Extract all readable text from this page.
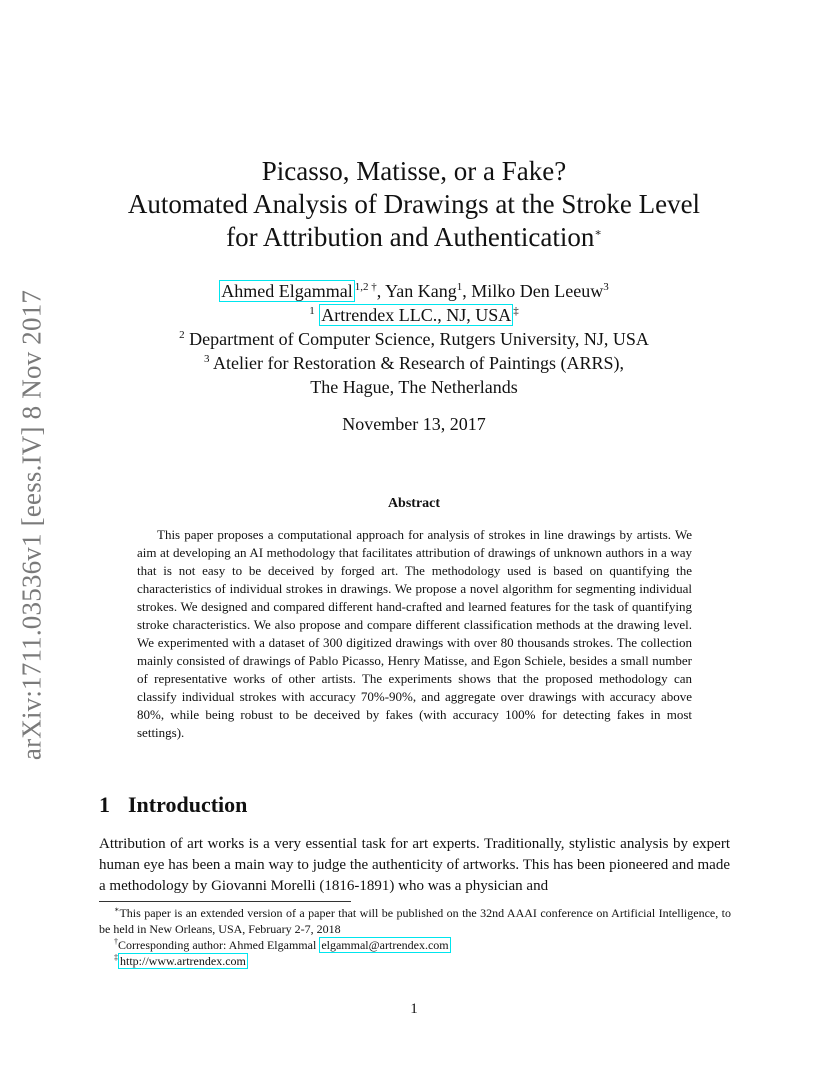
arXiv:1711.03536v1 [eess.IV] 8 Nov 2017
Picasso, Matisse, or a Fake?
Automated Analysis of Drawings at the Stroke Level
for Attribution and Authentication∗
Ahmed Elgammal $^{1,2 \dagger}$, Yan Kang$^1$, Milko Den Leeuw$^3$
$^1$ Artrendex LLC., NJ, USA ‡
$^2$ Department of Computer Science, Rutgers University, NJ, USA
$^3$ Atelier for Restoration & Research of Paintings (ARRS),
The Hague, The Netherlands
November 13, 2017
Abstract

This paper proposes a computational approach for analysis of strokes in line drawings by artists. We aim at developing an AI methodology that facilitates attribution of drawings of unknown authors in a way that is not easy to be deceived by forged art. The methodology used is based on quantifying the characteristics of individual strokes in drawings. We propose a novel algorithm for segmenting individual strokes. We designed and compared different hand-crafted and learned features for the task of quantifying stroke characteristics. We also propose and compare different classification methods at the drawing level. We experimented with a dataset of 300 digitized drawings with over 80 thousands strokes. The collection mainly consisted of drawings of Pablo Picasso, Henry Matisse, and Egon Schiele, besides a small number of representative works of other artists. The experiments shows that the proposed methodology can classify individual strokes with accuracy 70%-90%, and aggregate over drawings with accuracy above 80%, while being robust to be deceived by fakes (with accuracy 100% for detecting fakes in most settings).

1 Introduction

Attribution of art works is a very essential task for art experts. Traditionally, stylistic analysis by expert human eye has been a main way to judge the authenticity of artworks. This has been pioneered and made a methodology by Giovanni Morelli (1816-1891) who was a physician and

∗This paper is an extended version of a paper that will be published on the 32nd AAAI conference on Artificial Intelligence, to be held in New Orleans, USA, February 2-7, 2018

†Corresponding author: Ahmed Elgammal elgammal@artrendex.com

‡ http://www.artrendex.com

1
